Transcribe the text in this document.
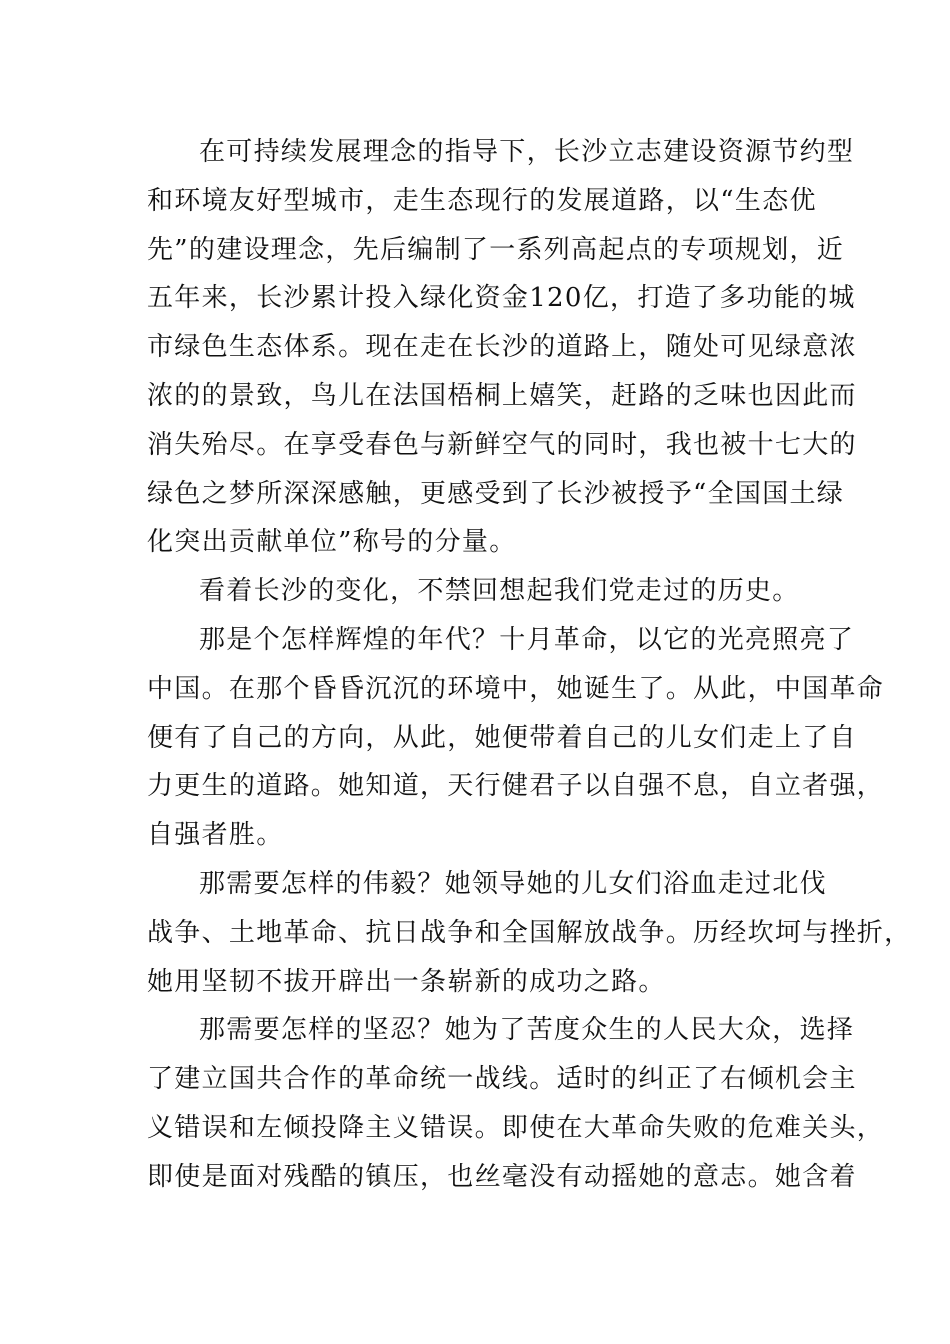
在可持续发展理念的指导下，长沙立志建设资源节约型
和环境友好型城市，走生态现行的发展道路，以“生态优
先”的建设理念，先后编制了一系列高起点的专项规划，近
五年来，长沙累计投入绿化资金120亿，打造了多功能的城
市绿色生态体系。现在走在长沙的道路上，随处可见绿意浓
浓的的景致，鸟儿在法国梧桐上嬉笑，赶路的乏味也因此而
消失殆尽。在享受春色与新鲜空气的同时，我也被十七大的
绿色之梦所深深感触，更感受到了长沙被授予“全国国土绿
化突出贡献单位”称号的分量。
看着长沙的变化，不禁回想起我们党走过的历史。
那是个怎样辉煌的年代？十月革命，以它的光亮照亮了
中国。在那个昏昏沉沉的环境中，她诞生了。从此，中国革命
便有了自己的方向，从此，她便带着自己的儿女们走上了自
力更生的道路。她知道，天行健君子以自强不息，自立者强，
自强者胜。
那需要怎样的伟毅？她领导她的儿女们浴血走过北伐
战争、土地革命、抗日战争和全国解放战争。历经坎坷与挫折，
她用坚韧不拔开辟出一条崭新的成功之路。
那需要怎样的坚忍？她为了苦度众生的人民大众，选择
了建立国共合作的革命统一战线。适时的纠正了右倾机会主
义错误和左倾投降主义错误。即使在大革命失败的危难关头，
即使是面对残酷的镇压，也丝毫没有动摇她的意志。她含着
